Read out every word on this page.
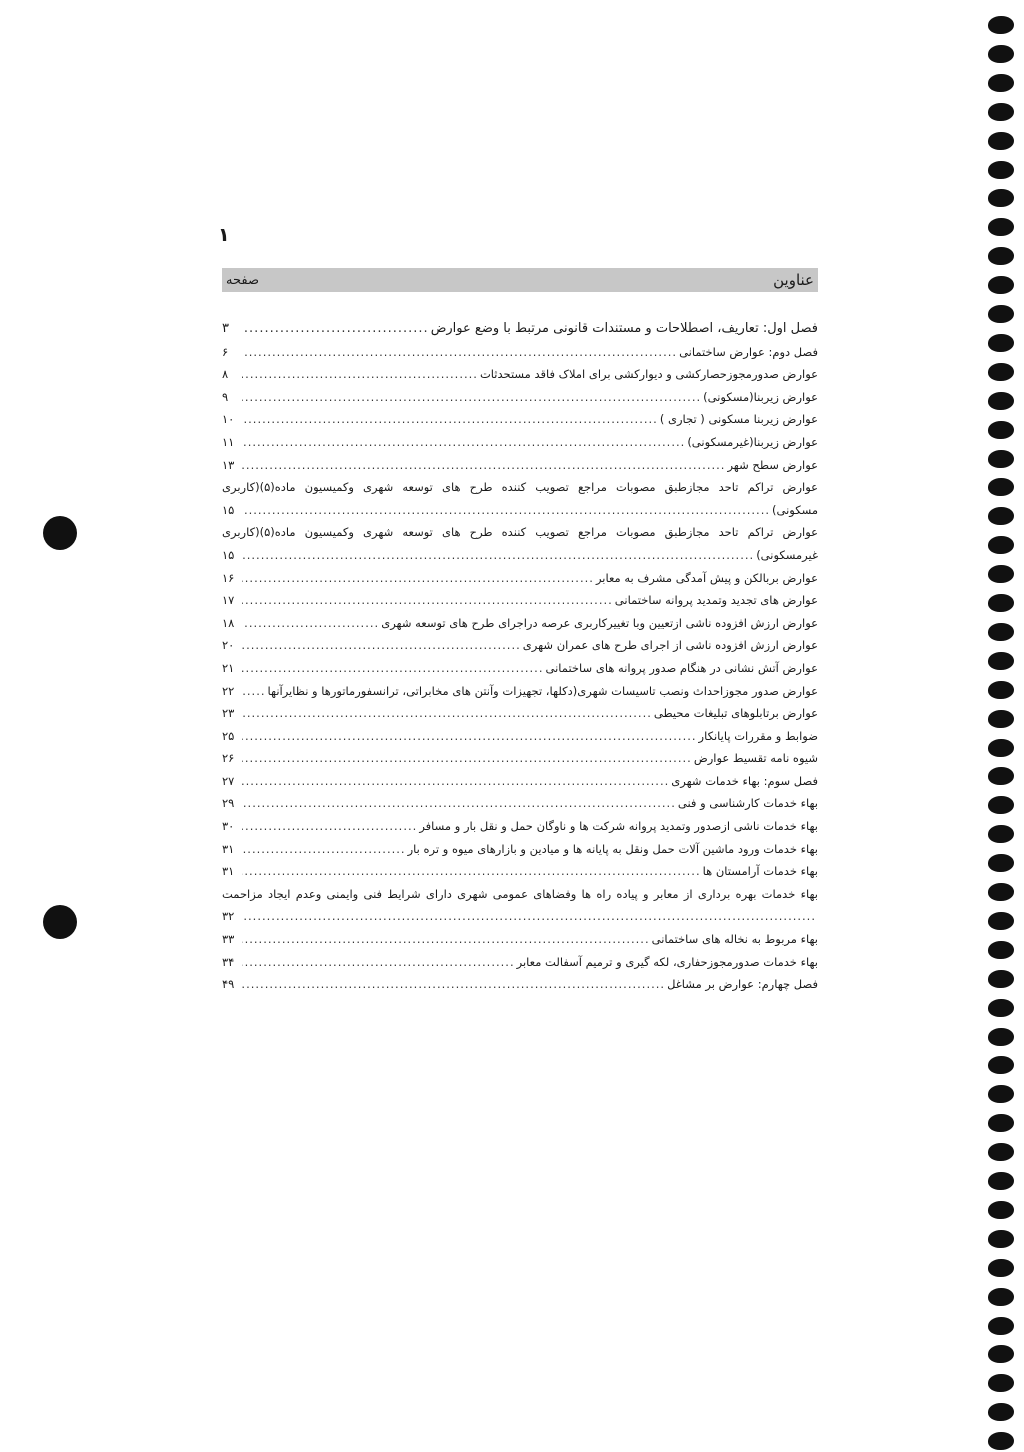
۱
عناوین
صفحه
فصل اول: تعاریف، اصطلاحات و مستندات قانونی مرتبط با وضع عوارض
.....
۳
فصل دوم: عوارض ساختمانی
.....
۶
عوارض صدورمجوزحصارکشی و دیوارکشی برای املاک فاقد مستحدثات
.....
۸
عوارض زیربنا(مسکونی)
.....
۹
عوارض زیربنا مسکونی ( تجاری )
.....
۱۰
عوارض زیربنا(غیرمسکونی)
.....
۱۱
عوارض سطح شهر
.....
۱۳
عوارض تراکم تاحد مجازطبق مصوبات مراجع تصویب کننده طرح های توسعه شهری وکمیسیون ماده(۵)(کاربری
مسکونی)
.....
۱۵
عوارض تراکم تاحد مجازطبق مصوبات مراجع تصویب کننده طرح های توسعه شهری وکمیسیون ماده(۵)(کاربری
غیرمسکونی)
.....
۱۵
عوارض بربالکن و پیش آمدگی مشرف به معابر
.....
۱۶
عوارض های تجدید وتمدید پروانه ساختمانی
.....
۱۷
عوارض ارزش افزوده ناشی ازتعیین وبا تغییرکاربری عرصه دراجرای طرح های توسعه شهری
.....
۱۸
عوارض ارزش افزوده ناشی از اجرای طرح های عمران شهری
.....
۲۰
عوارض آتش نشانی در هنگام صدور پروانه های ساختمانی
.....
۲۱
عوارض صدور مجوزاحداث ونصب تاسیسات شهری(دکلها، تجهیزات وآنتن های مخابراتی، ترانسفورماتورها و نظایرآنها
.....
۲۲
عوارض برتابلوهای تبلیغات محیطی
.....
۲۳
ضوابط و مقررات پایانکار
.....
۲۵
شیوه نامه تقسیط عوارض
.....
۲۶
فصل سوم: بهاء خدمات شهری
.....
۲۷
بهاء خدمات کارشناسی و فنی
.....
۲۹
بهاء خدمات ناشی ازصدور وتمدید پروانه شرکت ها و ناوگان حمل و نقل بار و مسافر
.....
۳۰
بهاء خدمات ورود ماشین آلات حمل ونقل به پایانه ها و میادین و بازارهای میوه و تره بار
.....
۳۱
بهاء خدمات آرامستان ها
.....
۳۱
بهاء خدمات بهره برداری از معابر و پیاده راه ها وفضاهای عمومی شهری دارای شرایط فنی وایمنی وعدم ایجاد مزاحمت
.....
۳۲
بهاء مربوط به نخاله های ساختمانی
.....
۳۳
بهاء خدمات صدورمجوزحفاری، لکه گیری و ترمیم آسفالت معابر
.....
۳۴
فصل چهارم: عوارض بر مشاغل
.....
۴۹
